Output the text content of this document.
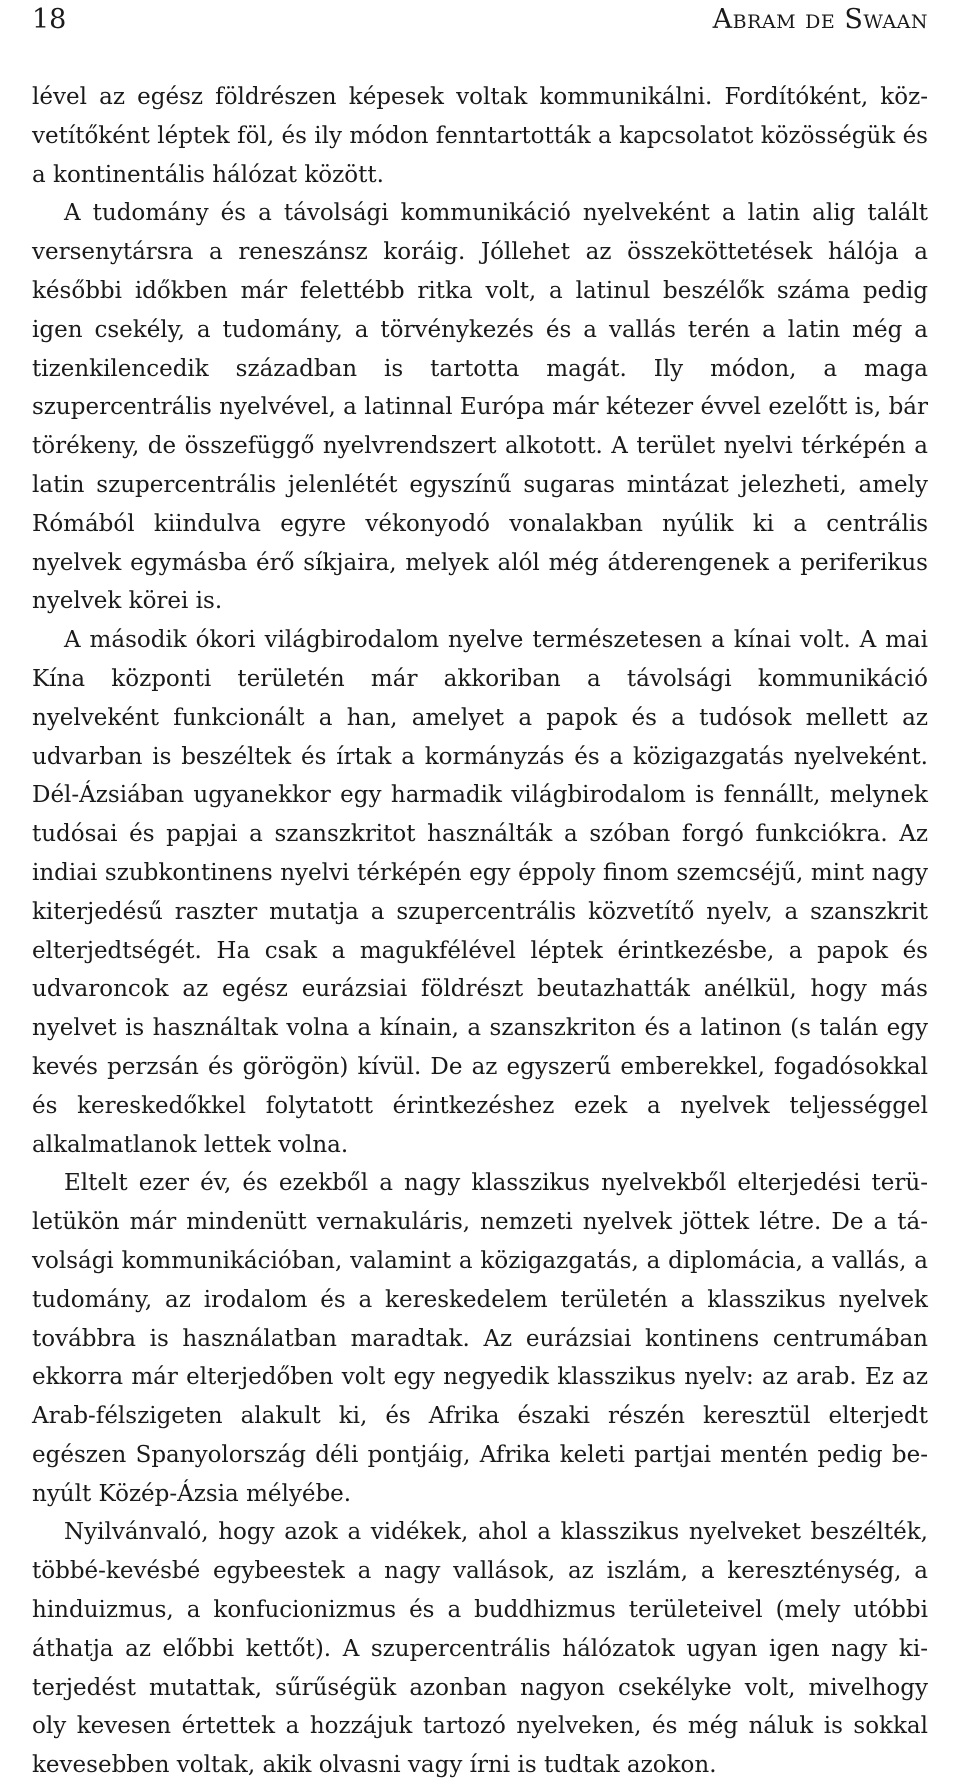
18	Abram de Swaan

lével az egész földrészen képesek voltak kommunikálni. Fordítóként, közvetítőként léptek föl, és ily módon fenntartották a kapcsolatot közösségük és a kontinentális hálózat között.

A tudomány és a távolsági kommunikáció nyelveként a latin alig talált versenytársra a reneszánsz koráig. Jóllehet az összeköttetések hálója a későbbi időkben már felettébb ritka volt, a latinul beszélők száma pedig igen csekély, a tudomány, a törvénykezés és a vallás terén a latin még a tizenkilencedik században is tartotta magát. Ily módon, a maga szupercentrális nyelvével, a latinnal Európa már kétezer évvel ezelőtt is, bár törékeny, de összefüggő nyelvrendszert alkotott. A terület nyelvi térképén a latin szupercentrális jelenlétét egyszínű sugaras mintázat jelezheti, amely Rómából kiindulva egyre vékonyodó vonalakban nyúlik ki a centrális nyelvek egymásba érő síkjaira, melyek alól még átderengenek a periferikus nyelvek körei is.

A második ókori világbirodalom nyelve természetesen a kínai volt. A mai Kína központi területén már akkoriban a távolsági kommunikáció nyelveként funkcionált a han, amelyet a papok és a tudósok mellett az udvarban is beszéltek és írtak a kormányzás és a közigazgatás nyelveként. Dél-Ázsiában ugyanekkor egy harmadik világbirodalom is fennállt, melynek tudósai és papjai a szanszkritot használták a szóban forgó funkciókra. Az indiai szubkontinens nyelvi térképén egy éppoly finom szemcséjű, mint nagy kiterjedésű raszter mutatja a szupercentrális közvetítő nyelv, a szanszkrit elterjedtségét. Ha csak a magukfélével léptek érintkezésbe, a papok és udvaroncok az egész eurázsiai földrészt beutazhatták anélkül, hogy más nyelvet is használtak volna a kínain, a szanszkriton és a latinon (s talán egy kevés perzsán és görögön) kívül. De az egyszerű emberekkel, fogadósokkal és kereskedőkkel folytatott érintkezéshez ezek a nyelvek teljességgel alkalmatlanok lettek volna.

Eltelt ezer év, és ezekből a nagy klasszikus nyelvekből elterjedési területükön már mindenütt vernakuláris, nemzeti nyelvek jöttek létre. De a távolsági kommunikációban, valamint a közigazgatás, a diplomácia, a vallás, a tudomány, az irodalom és a kereskedelem területén a klasszikus nyelvek továbbra is használatban maradtak. Az eurázsiai kontinens centrumában ekkorra már elterjedőben volt egy negyedik klasszikus nyelv: az arab. Ez az Arab-félszigeten alakult ki, és Afrika északi részén keresztül elterjedt egészen Spanyolország déli pontjáig, Afrika keleti partjai mentén pedig benyúlt Közép-Ázsia mélyébe.

Nyilvánvaló, hogy azok a vidékek, ahol a klasszikus nyelveket beszélték, többé-kevésbé egybeestek a nagy vallások, az iszlám, a kereszténység, a hinduizmus, a konfucionizmus és a buddhizmus területeivel (mely utóbbi áthatja az előbbi kettőt). A szupercentrális hálózatok ugyan igen nagy kiterjedést mutattak, sűrűségük azonban nagyon csekélyke volt, mivelhogy oly kevesen értettek a hozzájuk tartozó nyelveken, és még náluk is sokkal kevesebben voltak, akik olvasni vagy írni is tudtak azokon.
